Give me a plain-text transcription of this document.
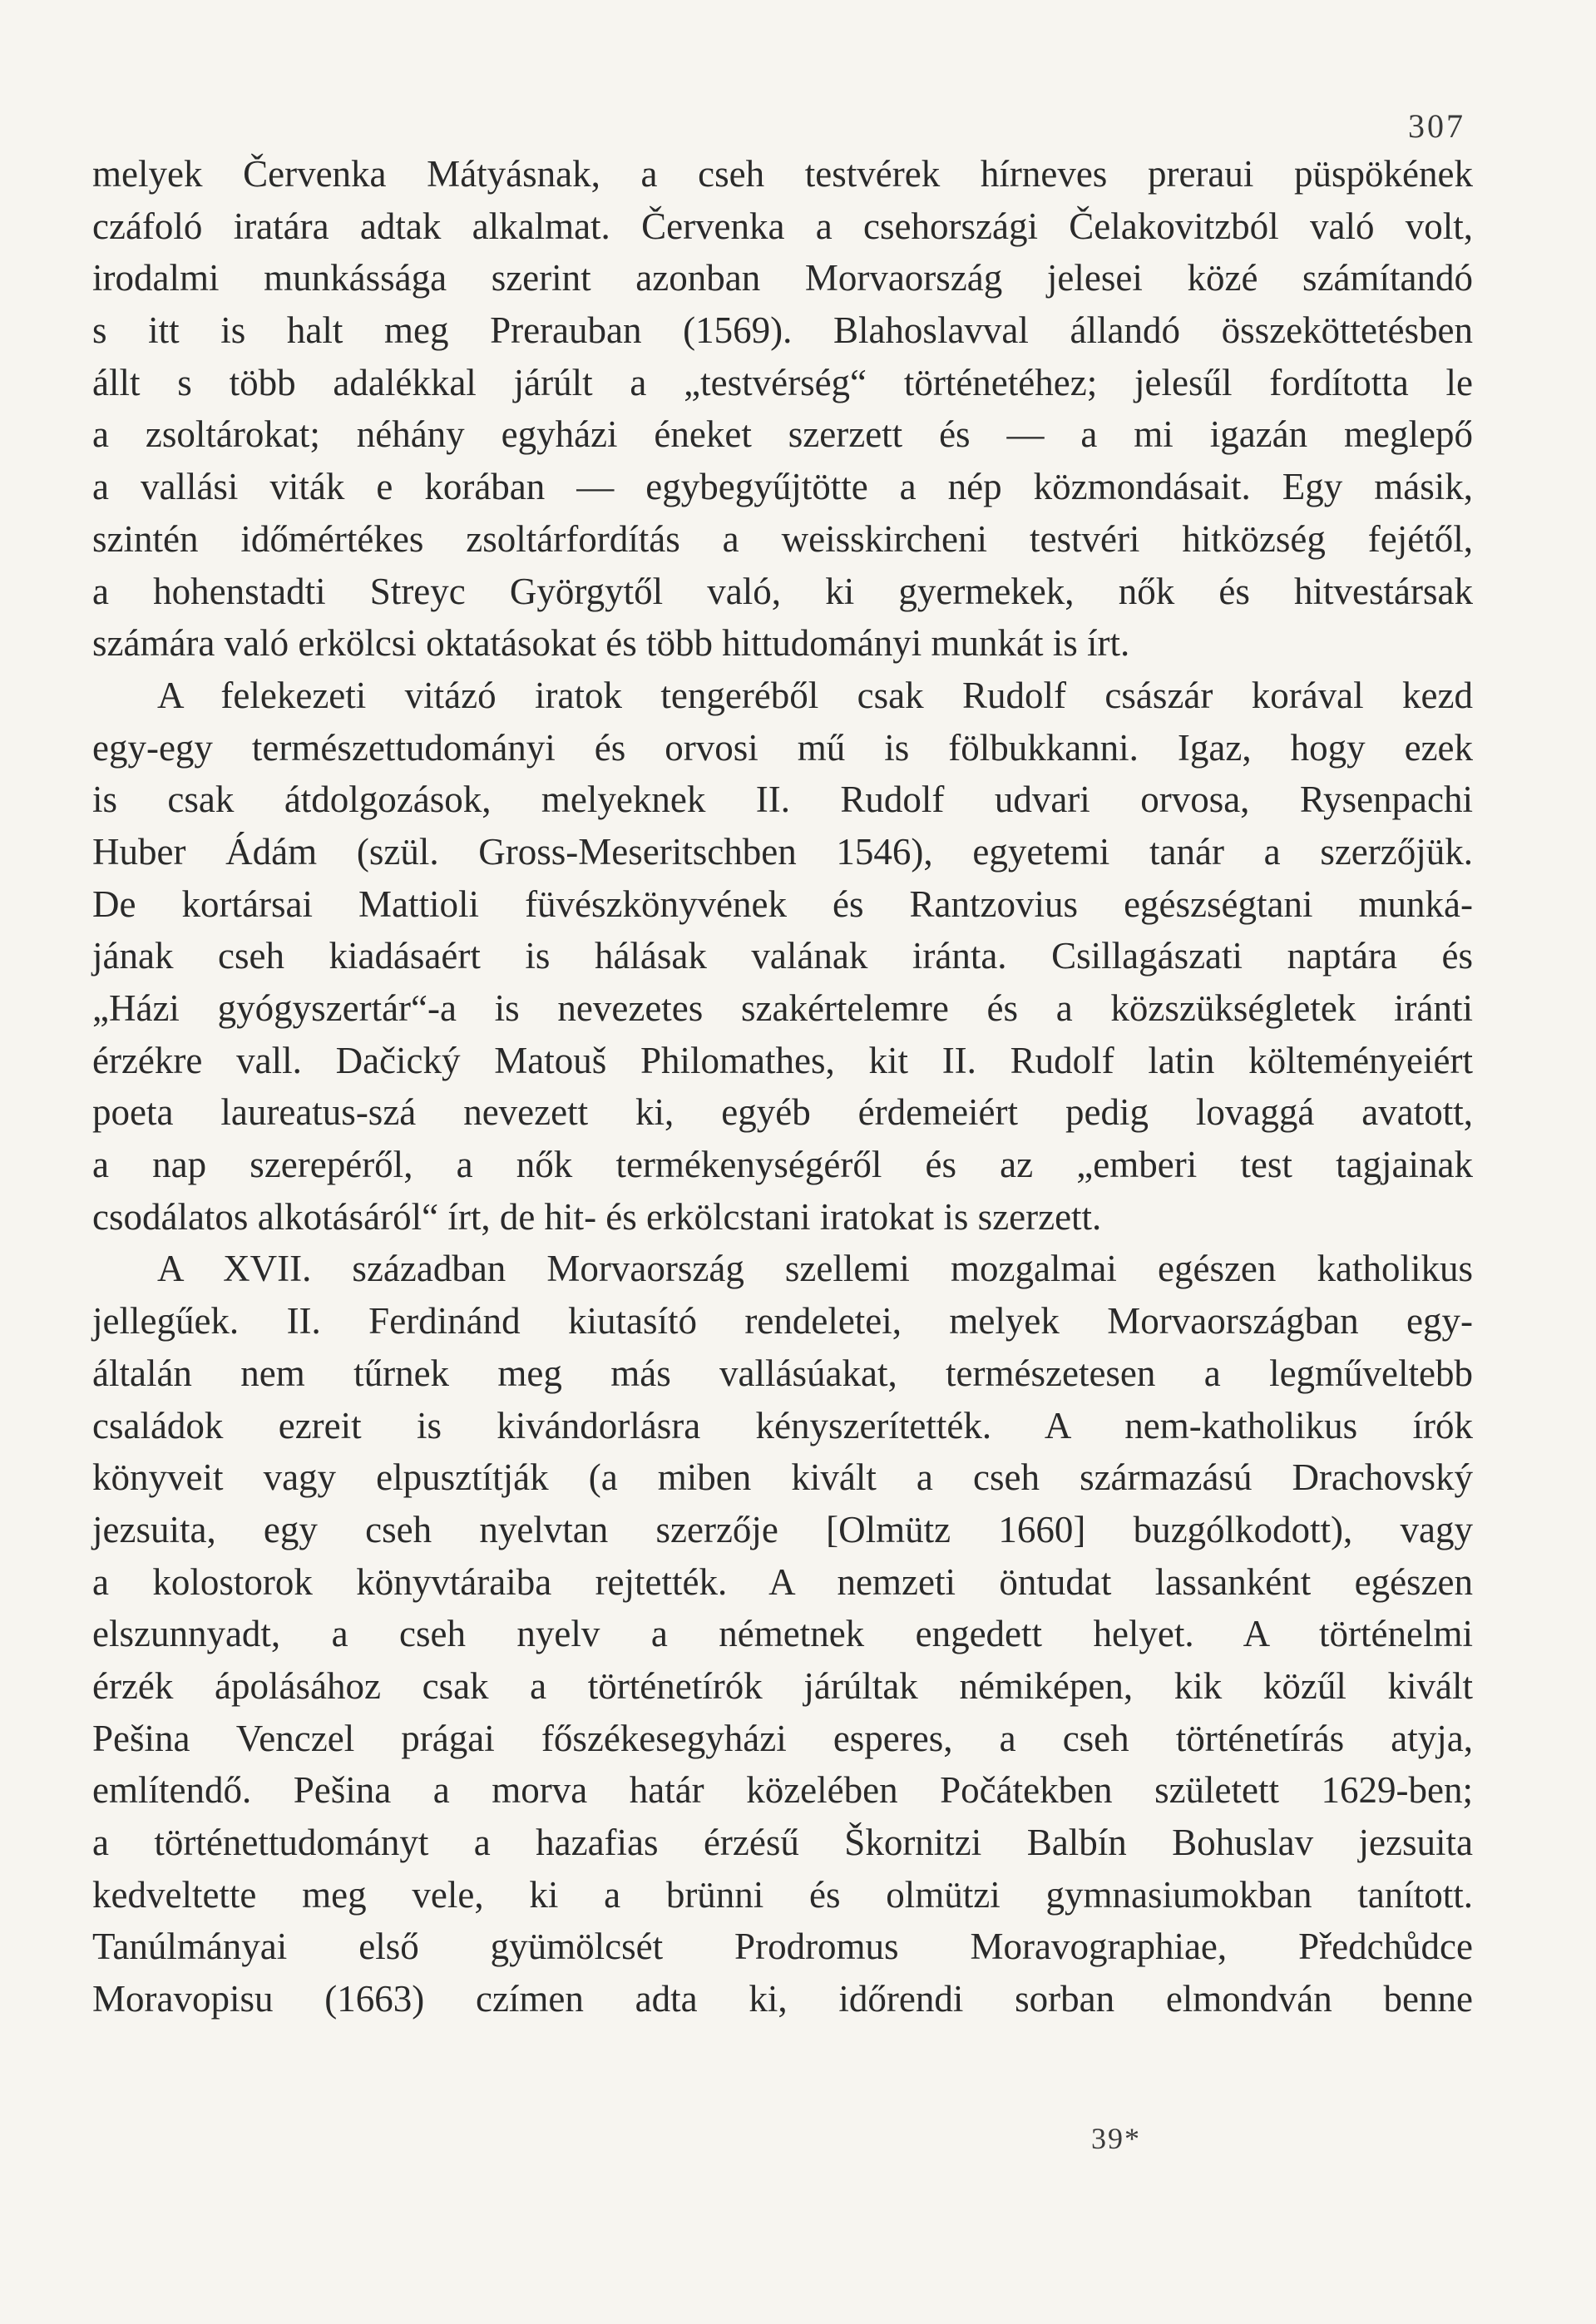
307
melyek Červenka Mátyásnak, a cseh testvérek hírneves preraui püspökének
czáfoló iratára adtak alkalmat. Červenka a csehországi Čelakovitzból való volt,
irodalmi munkássága szerint azonban Morvaország jelesei közé számítandó
s itt is halt meg Prerauban (1569). Blahoslavval állandó összeköttetésben
állt s több adalékkal járúlt a „testvérség“ történetéhez; jelesűl fordította le
a zsoltárokat; néhány egyházi éneket szerzett és — a mi igazán meglepő
a vallási viták e korában — egybegyűjtötte a nép közmondásait. Egy másik,
szintén időmértékes zsoltárfordítás a weisskircheni testvéri hitközség fejétől,
a hohenstadti Streyc Györgytől való, ki gyermekek, nők és hitvestársak
számára való erkölcsi oktatásokat és több hittudományi munkát is írt.
A felekezeti vitázó iratok tengeréből csak Rudolf császár korával kezd
egy-egy természettudományi és orvosi mű is fölbukkanni. Igaz, hogy ezek
is csak átdolgozások, melyeknek II. Rudolf udvari orvosa, Rysenpachi
Huber Ádám (szül. Gross-Meseritschben 1546), egyetemi tanár a szerzőjük.
De kortársai Mattioli füvészkönyvének és Rantzovius egészségtani munká-
jának cseh kiadásaért is hálásak valának iránta. Csillagászati naptára és
„Házi gyógyszertár“-a is nevezetes szakértelemre és a közszükségletek iránti
érzékre vall. Dačický Matouš Philomathes, kit II. Rudolf latin költeményeiért
poeta laureatus-szá nevezett ki, egyéb érdemeiért pedig lovaggá avatott,
a nap szerepéről, a nők termékenységéről és az „emberi test tagjainak
csodálatos alkotásáról“ írt, de hit- és erkölcstani iratokat is szerzett.
A XVII. században Morvaország szellemi mozgalmai egészen katholikus
jellegűek. II. Ferdinánd kiutasító rendeletei, melyek Morvaországban egy-
általán nem tűrnek meg más vallásúakat, természetesen a legműveltebb
családok ezreit is kivándorlásra kényszerítették. A nem-katholikus írók
könyveit vagy elpusztítják (a miben kivált a cseh származású Drachovský
jezsuita, egy cseh nyelvtan szerzője [Olmütz 1660] buzgólkodott), vagy
a kolostorok könyvtáraiba rejtették. A nemzeti öntudat lassanként egészen
elszunnyadt, a cseh nyelv a németnek engedett helyet. A történelmi
érzék ápolásához csak a történetírók járúltak némiképen, kik közűl kivált
Pešina Venczel prágai főszékesegyházi esperes, a cseh történetírás atyja,
említendő. Pešina a morva határ közelében Počátekben született 1629-ben;
a történettudományt a hazafias érzésű Škornitzi Balbín Bohuslav jezsuita
kedveltette meg vele, ki a brünni és olmützi gymnasiumokban tanított.
Tanúlmányai első gyümölcsét Prodromus Moravographiae, Předchůdce
Moravopisu (1663) czímen adta ki, időrendi sorban elmondván benne
39*
